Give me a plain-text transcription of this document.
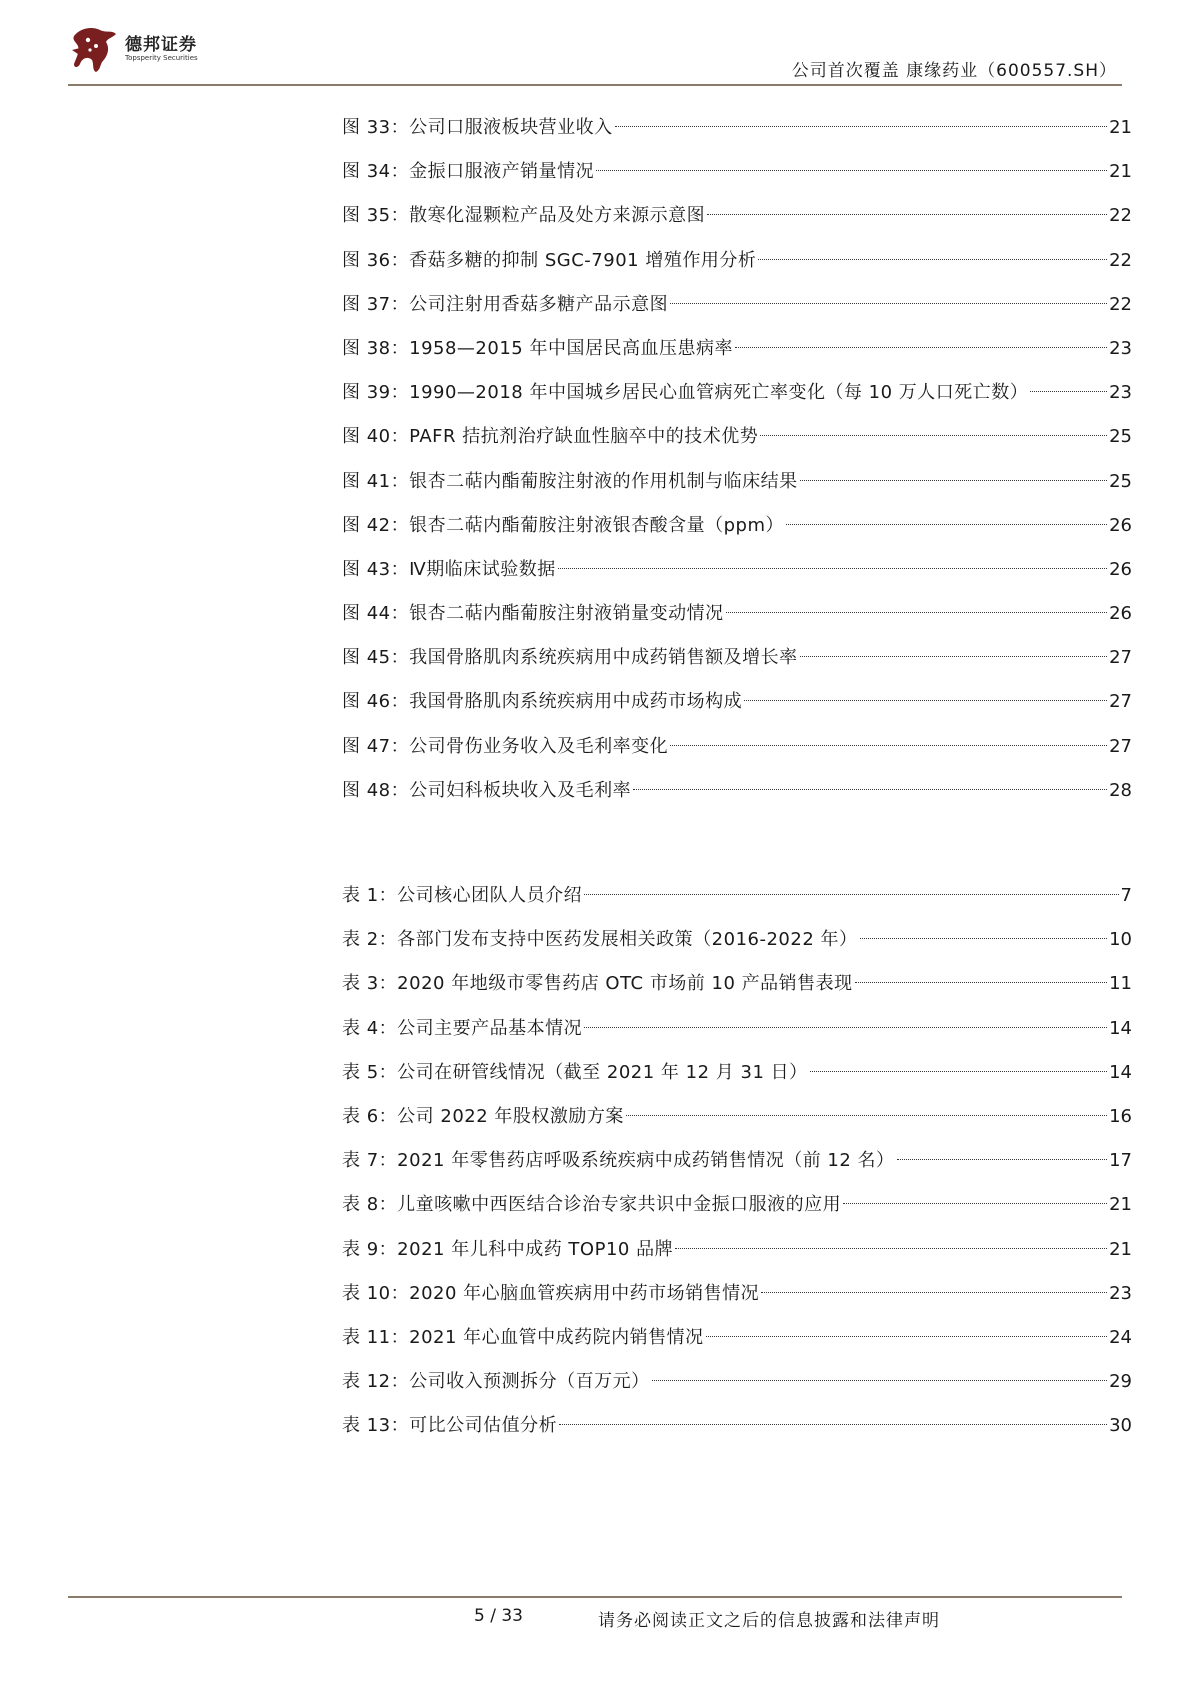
德邦证券
Topsperity Securities
公司首次覆盖 康缘药业（600557.SH）
图 33：公司口服液板块营业收入	21
图 34：金振口服液产销量情况	21
图 35：散寒化湿颗粒产品及处方来源示意图	22
图 36：香菇多糖的抑制 SGC-7901 增殖作用分析	22
图 37：公司注射用香菇多糖产品示意图	22
图 38：1958—2015 年中国居民高血压患病率	23
图 39：1990—2018 年中国城乡居民心血管病死亡率变化（每 10 万人口死亡数）	23
图 40：PAFR 拮抗剂治疗缺血性脑卒中的技术优势	25
图 41：银杏二萜内酯葡胺注射液的作用机制与临床结果	25
图 42：银杏二萜内酯葡胺注射液银杏酸含量（ppm）	26
图 43：Ⅳ期临床试验数据	26
图 44：银杏二萜内酯葡胺注射液销量变动情况	26
图 45：我国骨胳肌肉系统疾病用中成药销售额及增长率	27
图 46：我国骨胳肌肉系统疾病用中成药市场构成	27
图 47：公司骨伤业务收入及毛利率变化	27
图 48：公司妇科板块收入及毛利率	28
表 1：公司核心团队人员介绍	7
表 2：各部门发布支持中医药发展相关政策（2016-2022 年）	10
表 3：2020 年地级市零售药店 OTC 市场前 10 产品销售表现	11
表 4：公司主要产品基本情况	14
表 5：公司在研管线情况（截至 2021 年 12 月 31 日）	14
表 6：公司 2022 年股权激励方案	16
表 7：2021 年零售药店呼吸系统疾病中成药销售情况（前 12 名）	17
表 8：儿童咳嗽中西医结合诊治专家共识中金振口服液的应用	21
表 9：2021 年儿科中成药 TOP10 品牌	21
表 10：2020 年心脑血管疾病用中药市场销售情况	23
表 11：2021 年心血管中成药院内销售情况	24
表 12：公司收入预测拆分（百万元）	29
表 13：可比公司估值分析	30
5 / 33	请务必阅读正文之后的信息披露和法律声明
